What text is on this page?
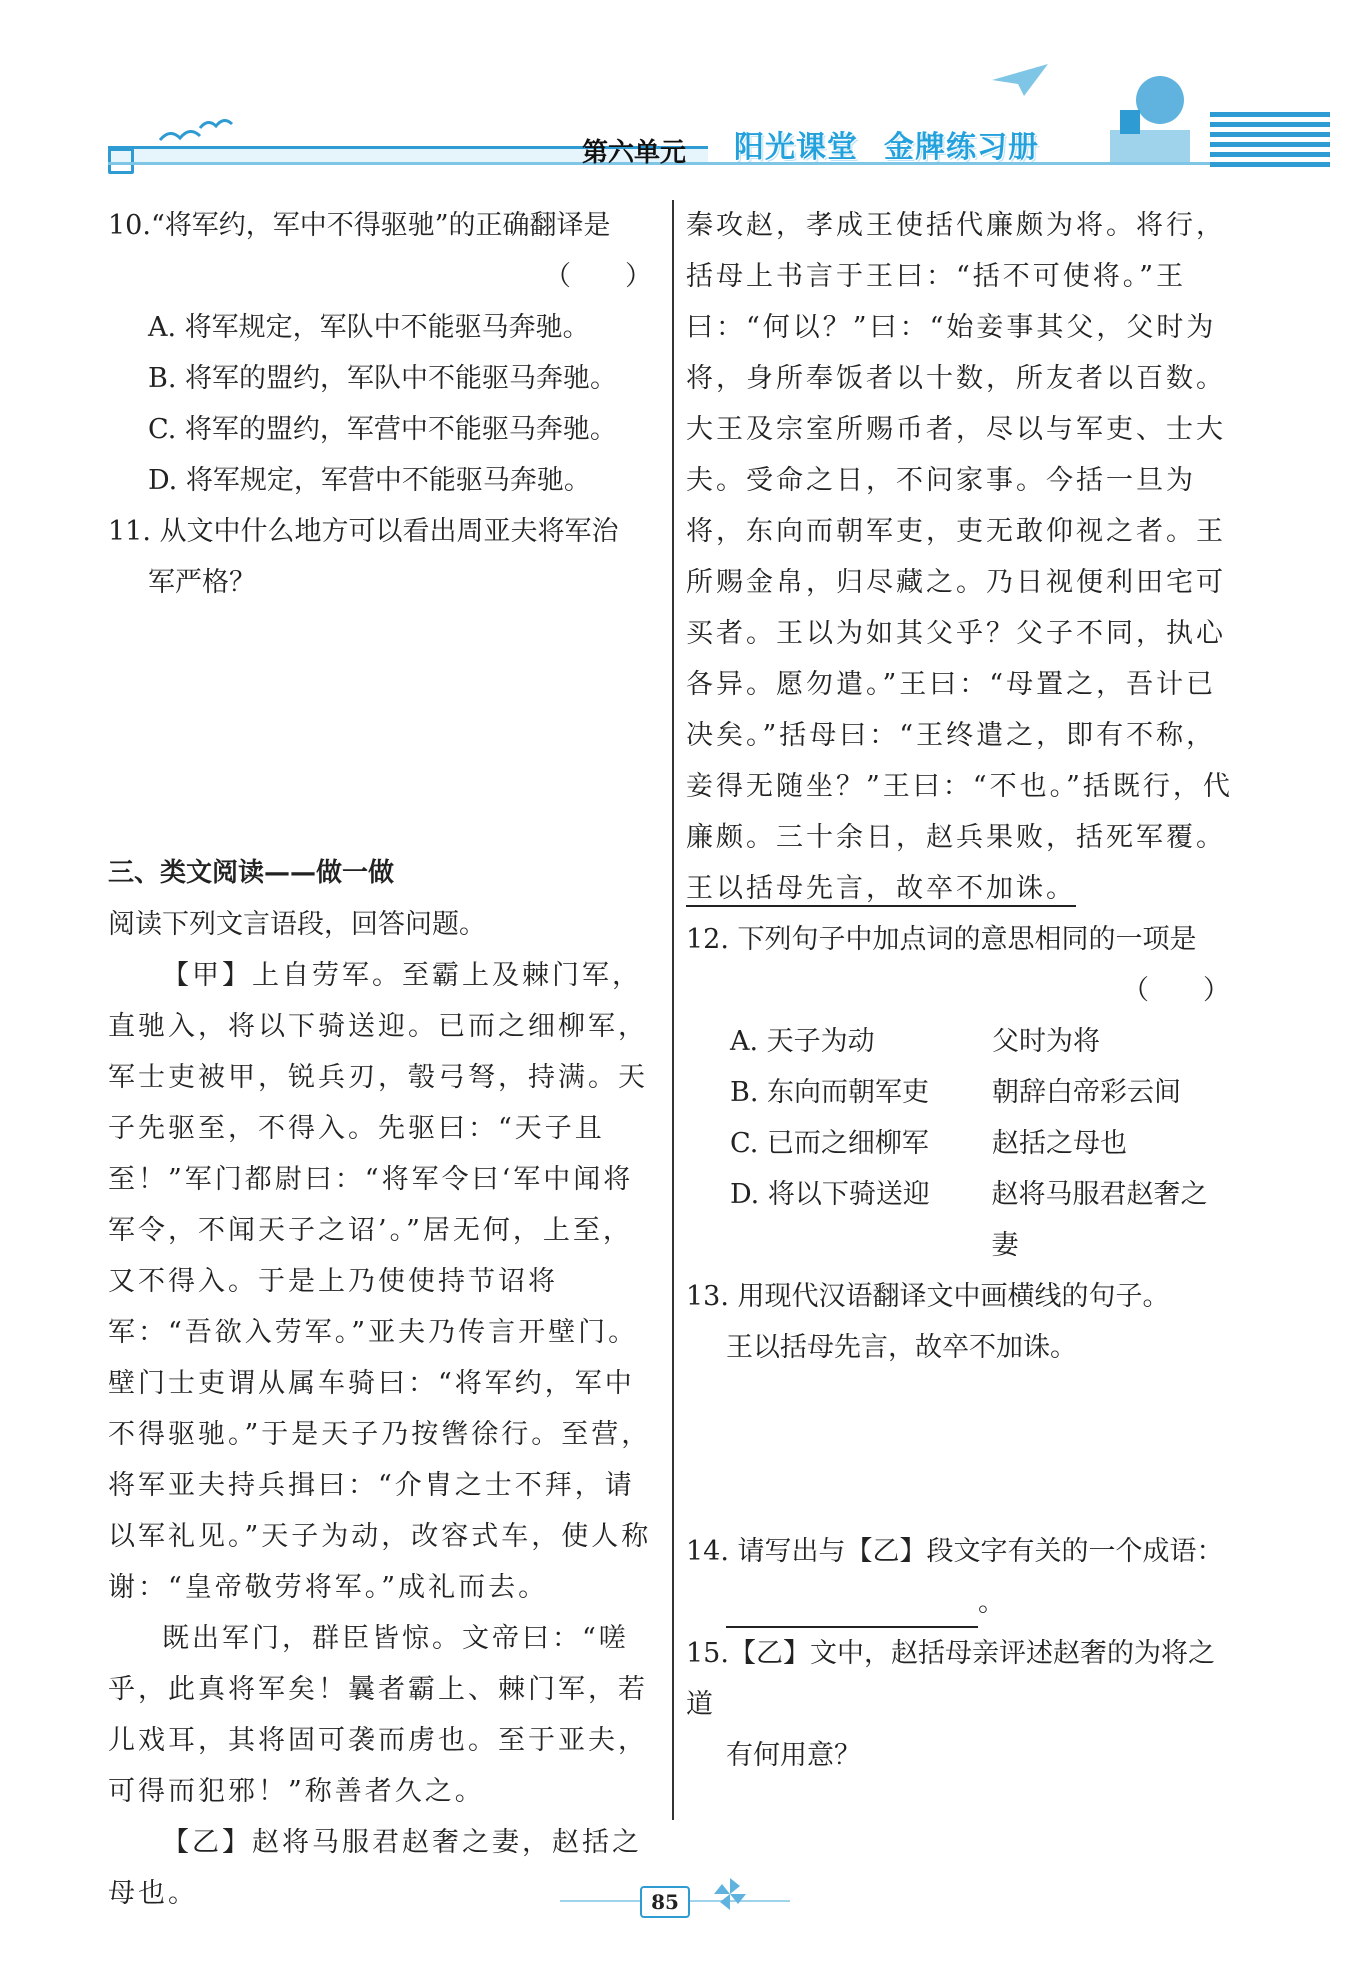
第六单元 阳光课堂 金牌练习册

10.“将军约，军中不得驱驰”的正确翻译是

（　　）

A. 将军规定，军队中不能驱马奔驰。

B. 将军的盟约，军队中不能驱马奔驰。

C. 将军的盟约，军营中不能驱马奔驰。

D. 将军规定，军营中不能驱马奔驰。

11. 从文中什么地方可以看出周亚夫将军治

军严格？

三、类文阅读——做一做

阅读下列文言语段，回答问题。

【甲】上自劳军。至霸上及棘门军，直驰入，将以下骑送迎。已而之细柳军，军士吏被甲，锐兵刃，彀弓弩，持满。天子先驱至，不得入。先驱曰：“天子且至！”军门都尉曰：“将军令曰‘军中闻将军令，不闻天子之诏’。”居无何，上至，又不得入。于是上乃使使持节诏将军：“吾欲入劳军。”亚夫乃传言开壁门。壁门士吏谓从属车骑曰：“将军约，军中不得驱驰。”于是天子乃按辔徐行。至营，将军亚夫持兵揖曰：“介胄之士不拜，请以军礼见。”天子为动，改容式车，使人称谢：“皇帝敬劳将军。”成礼而去。

既出军门，群臣皆惊。文帝曰：“嗟乎，此真将军矣！曩者霸上、棘门军，若儿戏耳，其将固可袭而虏也。至于亚夫，可得而犯邪！”称善者久之。

【乙】赵将马服君赵奢之妻，赵括之母也。

秦攻赵，孝成王使括代廉颇为将。将行，括母上书言于王曰：“括不可使将。”王曰：“何以？”曰：“始妾事其父，父时为将，身所奉饭者以十数，所友者以百数。大王及宗室所赐币者，尽以与军吏、士大夫。受命之日，不问家事。今括一旦为将，东向而朝军吏，吏无敢仰视之者。王所赐金帛，归尽藏之。乃日视便利田宅可买者。王以为如其父乎？父子不同，执心各异。愿勿遣。”王曰：“母置之，吾计已决矣。”括母曰：“王终遣之，即有不称，妾得无随坐？”王曰：“不也。”括既行，代廉颇。三十余日，赵兵果败，括死军覆。王以括母先言，故卒不加诛。

12. 下列句子中加点词的意思相同的一项是

（　　）

A. 天子为动	父时为将
B. 东向而朝军吏	朝辞白帝彩云间
C. 已而之细柳军	赵括之母也
D. 将以下骑送迎	赵将马服君赵奢之妻

13. 用现代汉语翻译文中画横线的句子。

王以括母先言，故卒不加诛。

14. 请写出与【乙】段文字有关的一个成语：

。

15.【乙】文中，赵括母亲评述赵奢的为将之道

有何用意？

85
